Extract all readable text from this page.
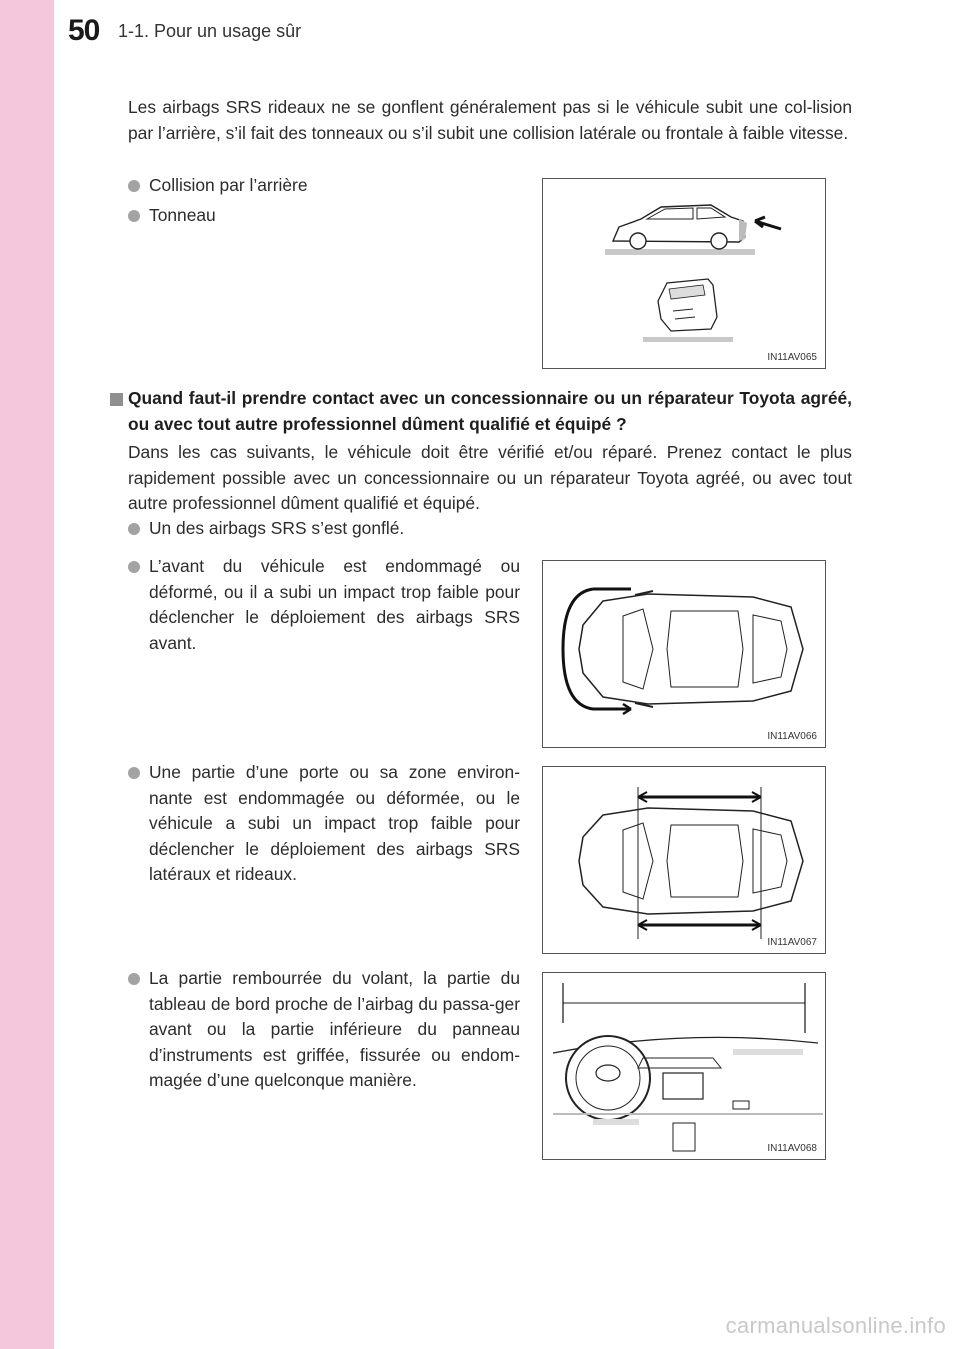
50 1-1. Pour un usage sûr
Les airbags SRS rideaux ne se gonflent généralement pas si le véhicule subit une col-lision par l’arrière, s’il fait des tonneaux ou s’il subit une collision latérale ou frontale à faible vitesse.
Collision par l’arrière
Tonneau
IN11AV065
Quand faut-il prendre contact avec un concessionnaire ou un réparateur Toyota agréé, ou avec tout autre professionnel dûment qualifié et équipé ?
Dans les cas suivants, le véhicule doit être vérifié et/ou réparé. Prenez contact le plus rapidement possible avec un concessionnaire ou un réparateur Toyota agréé, ou avec tout autre professionnel dûment qualifié et équipé.
Un des airbags SRS s’est gonflé.
L’avant du véhicule est endommagé ou déformé, ou il a subi un impact trop faible pour déclencher le déploiement des airbags SRS avant.
IN11AV066
Une partie d’une porte ou sa zone environ-nante est endommagée ou déformée, ou le véhicule a subi un impact trop faible pour déclencher le déploiement des airbags SRS latéraux et rideaux.
IN11AV067
La partie rembourrée du volant, la partie du tableau de bord proche de l’airbag du passa-ger avant ou la partie inférieure du panneau d’instruments est griffée, fissurée ou endom-magée d’une quelconque manière.
IN11AV068
carmanualsonline.info
